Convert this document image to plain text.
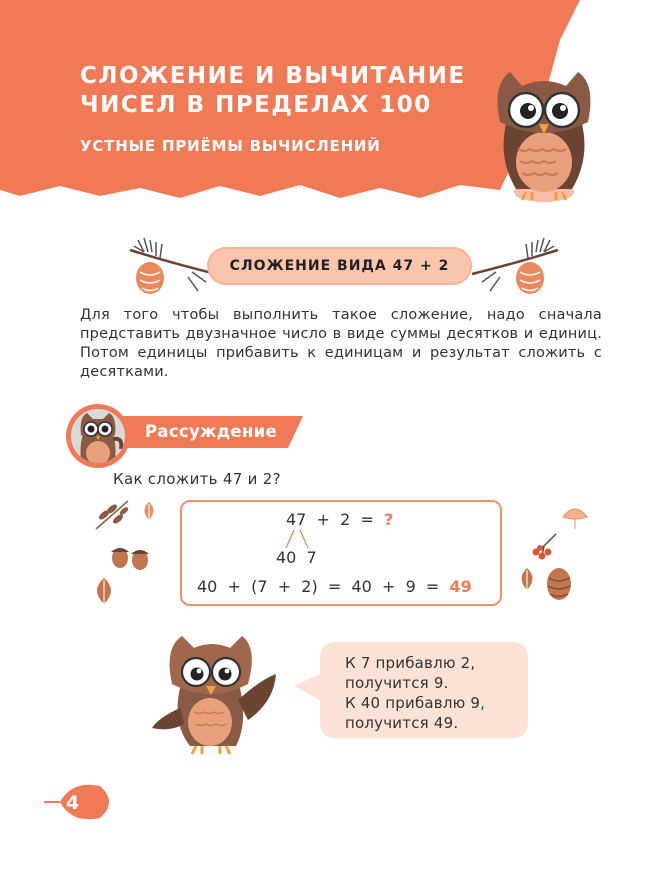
СЛОЖЕНИЕ И ВЫЧИТАНИЕ
ЧИСЕЛ В ПРЕДЕЛАХ 100
УСТНЫЕ ПРИЁМЫ ВЫЧИСЛЕНИЙ
СЛОЖЕНИЕ ВИДА 47 + 2
Для того чтобы выполнить такое сложение, надо сначала представить двузначное число в виде суммы десятков и единиц. Потом единицы прибавить к единицам и результат сложить с десятками.
Рассуждение
Как сложить 47 и 2?
47 + 2 = ?
40 7
40 + (7 + 2) = 40 + 9 = 49
К 7 прибавлю 2,
получится 9.
К 40 прибавлю 9,
получится 49.
4
